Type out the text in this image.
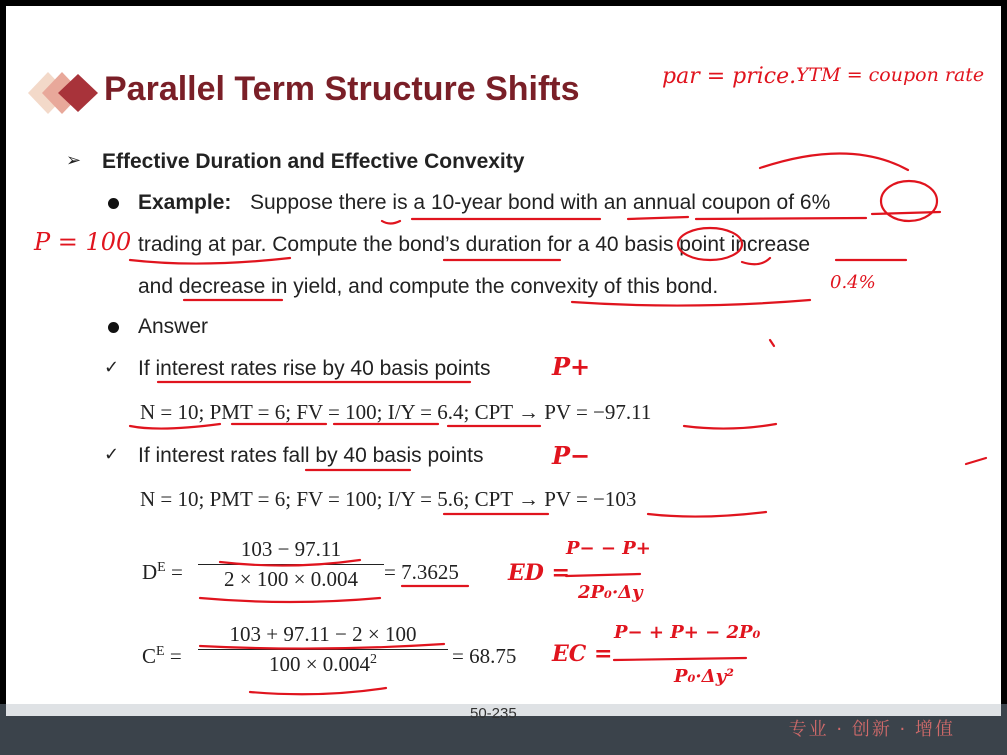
Parallel Term Structure Shifts
➢ Effective Duration and Effective Convexity
Example: Suppose there is a 10-year bond with an annual coupon of 6%
trading at par. Compute the bond’s duration for a 40 basis point increase
and decrease in yield, and compute the convexity of this bond.
Answer
✓ If interest rates rise by 40 basis points
N = 10; PMT = 6; FV = 100; I/Y = 6.4; CPT → PV = −97.11
✓ If interest rates fall by 40 basis points
N = 10; PMT = 6; FV = 100; I/Y = 5.6; CPT → PV = −103
$D^E$ =
103 − 97.11
2 × 100 × 0.004	= 7.3625
$C^E$ =
103 + 97.11 − 2 × 100
$100 \times 0.004^2$	= 68.75
par = price. YTM = coupon rate
P = 100
0.4%
P+
P−
ED =
P− − P+
2P₀·Δy
EC =
P− + P+ − 2P₀
P₀·Δy²
50-235
专业 · 创新 · 增值
